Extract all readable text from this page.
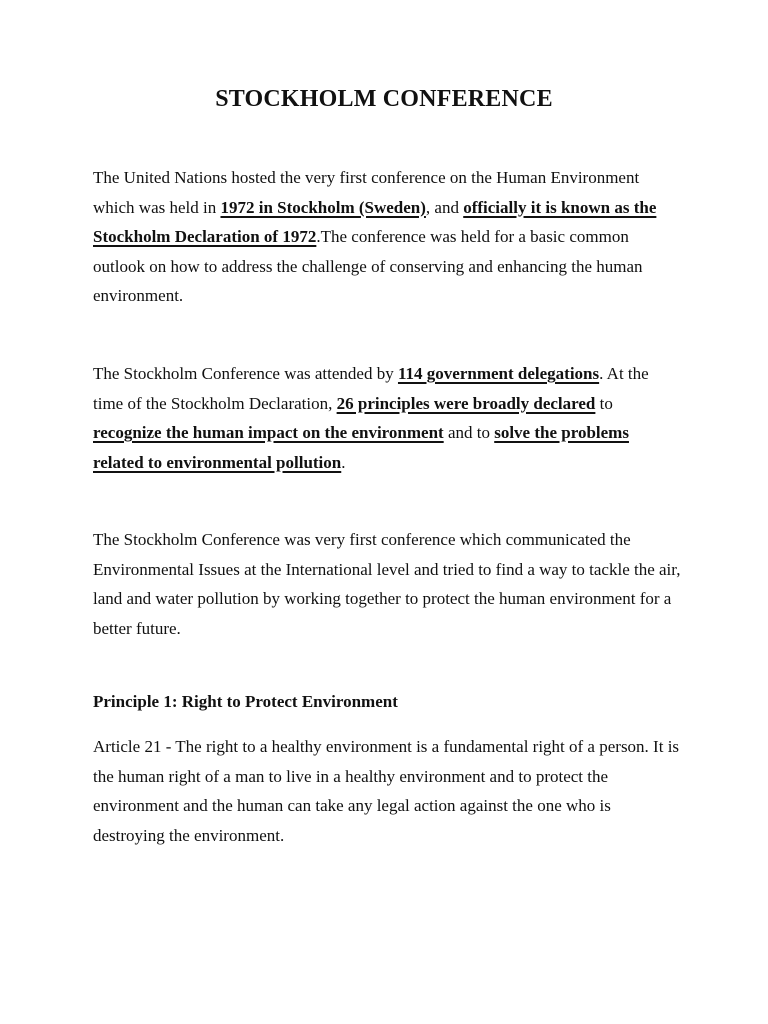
STOCKHOLM CONFERENCE

The United Nations hosted the very first conference on the Human Environment which was held in 1972 in Stockholm (Sweden), and officially it is known as the Stockholm Declaration of 1972.The conference was held for a basic common outlook on how to address the challenge of conserving and enhancing the human environment.

The Stockholm Conference was attended by 114 government delegations. At the time of the Stockholm Declaration, 26 principles were broadly declared to recognize the human impact on the environment and to solve the problems related to environmental pollution.

The Stockholm Conference was very first conference which communicated the Environmental Issues at the International level and tried to find a way to tackle the air, land and water pollution by working together to protect the human environment for a better future.

Principle 1: Right to Protect Environment

Article 21 - The right to a healthy environment is a fundamental right of a person. It is the human right of a man to live in a healthy environment and to protect the environment and the human can take any legal action against the one who is destroying the environment.
